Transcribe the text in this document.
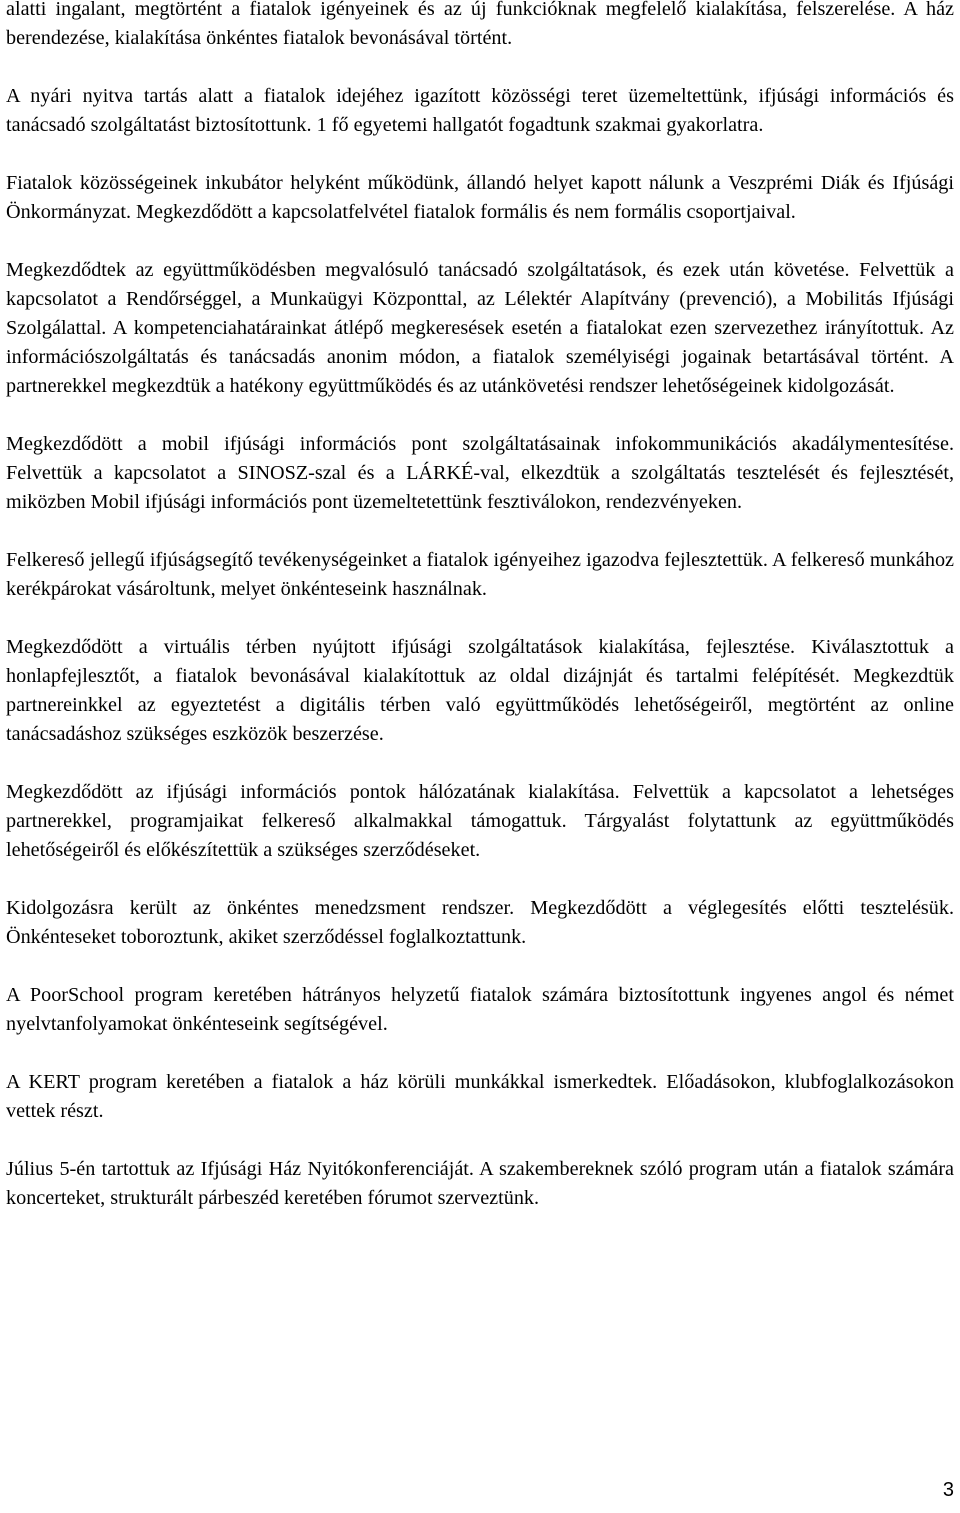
alatti ingalant, megtörtént a fiatalok igényeinek és az új funkcióknak megfelelő kialakítása, felszerelése. A ház berendezése, kialakítása önkéntes fiatalok bevonásával történt.

A nyári nyitva tartás alatt a fiatalok idejéhez igazított közösségi teret üzemeltettünk, ifjúsági információs és tanácsadó szolgáltatást biztosítottunk. 1 fő egyetemi hallgatót fogadtunk szakmai gyakorlatra.

Fiatalok közösségeinek inkubátor helyként működünk, állandó helyet kapott nálunk a Veszprémi Diák és Ifjúsági Önkormányzat. Megkezdődött a kapcsolatfelvétel fiatalok formális és nem formális csoportjaival.

Megkezdődtek az együttműködésben megvalósuló tanácsadó szolgáltatások, és ezek után követése. Felvettük a kapcsolatot a Rendőrséggel, a Munkaügyi Központtal, az Lélektér Alapítvány (prevenció), a Mobilitás Ifjúsági Szolgálattal. A kompetenciahatárainkat átlépő megkeresések esetén a fiatalokat ezen szervezethez irányítottuk. Az információszolgáltatás és tanácsadás anonim módon, a fiatalok személyiségi jogainak betartásával történt. A partnerekkel megkezdtük a hatékony együttműködés és az utánkövetési rendszer lehetőségeinek kidolgozását.

Megkezdődött a mobil ifjúsági információs pont szolgáltatásainak infokommunikációs akadálymentesítése. Felvettük a kapcsolatot a SINOSZ-szal és a LÁRKÉ-val, elkezdtük a szolgáltatás tesztelését és fejlesztését, miközben Mobil ifjúsági információs pont üzemeltetettünk fesztiválokon, rendezvényeken.

Felkereső jellegű ifjúságsegítő tevékenységeinket a fiatalok igényeihez igazodva fejlesztettük. A felkereső munkához kerékpárokat vásároltunk, melyet önkénteseink használnak.

Megkezdődött a virtuális térben nyújtott ifjúsági szolgáltatások kialakítása, fejlesztése. Kiválasztottuk a honlapfejlesztőt, a fiatalok bevonásával kialakítottuk az oldal dizájnját és tartalmi felépítését. Megkezdtük partnereinkkel az egyeztetést a digitális térben való együttműködés lehetőségeiről, megtörtént az online tanácsadáshoz szükséges eszközök beszerzése.

Megkezdődött az ifjúsági információs pontok hálózatának kialakítása. Felvettük a kapcsolatot a lehetséges partnerekkel, programjaikat felkereső alkalmakkal támogattuk. Tárgyalást folytattunk az együttműködés lehetőségeiről és előkészítettük a szükséges szerződéseket.

Kidolgozásra került az önkéntes menedzsment rendszer. Megkezdődött a véglegesítés előtti tesztelésük. Önkénteseket toboroztunk, akiket szerződéssel foglalkoztattunk.

A PoorSchool program keretében hátrányos helyzetű fiatalok számára biztosítottunk ingyenes angol és német nyelvtanfolyamokat önkénteseink segítségével.

A KERT program keretében a fiatalok a ház körüli munkákkal ismerkedtek. Előadásokon, klubfoglalkozásokon vettek részt.

Július 5-én tartottuk az Ifjúsági Ház Nyitókonferenciáját. A szakembereknek szóló program után a fiatalok számára koncerteket, strukturált párbeszéd keretében fórumot szerveztünk.

3
